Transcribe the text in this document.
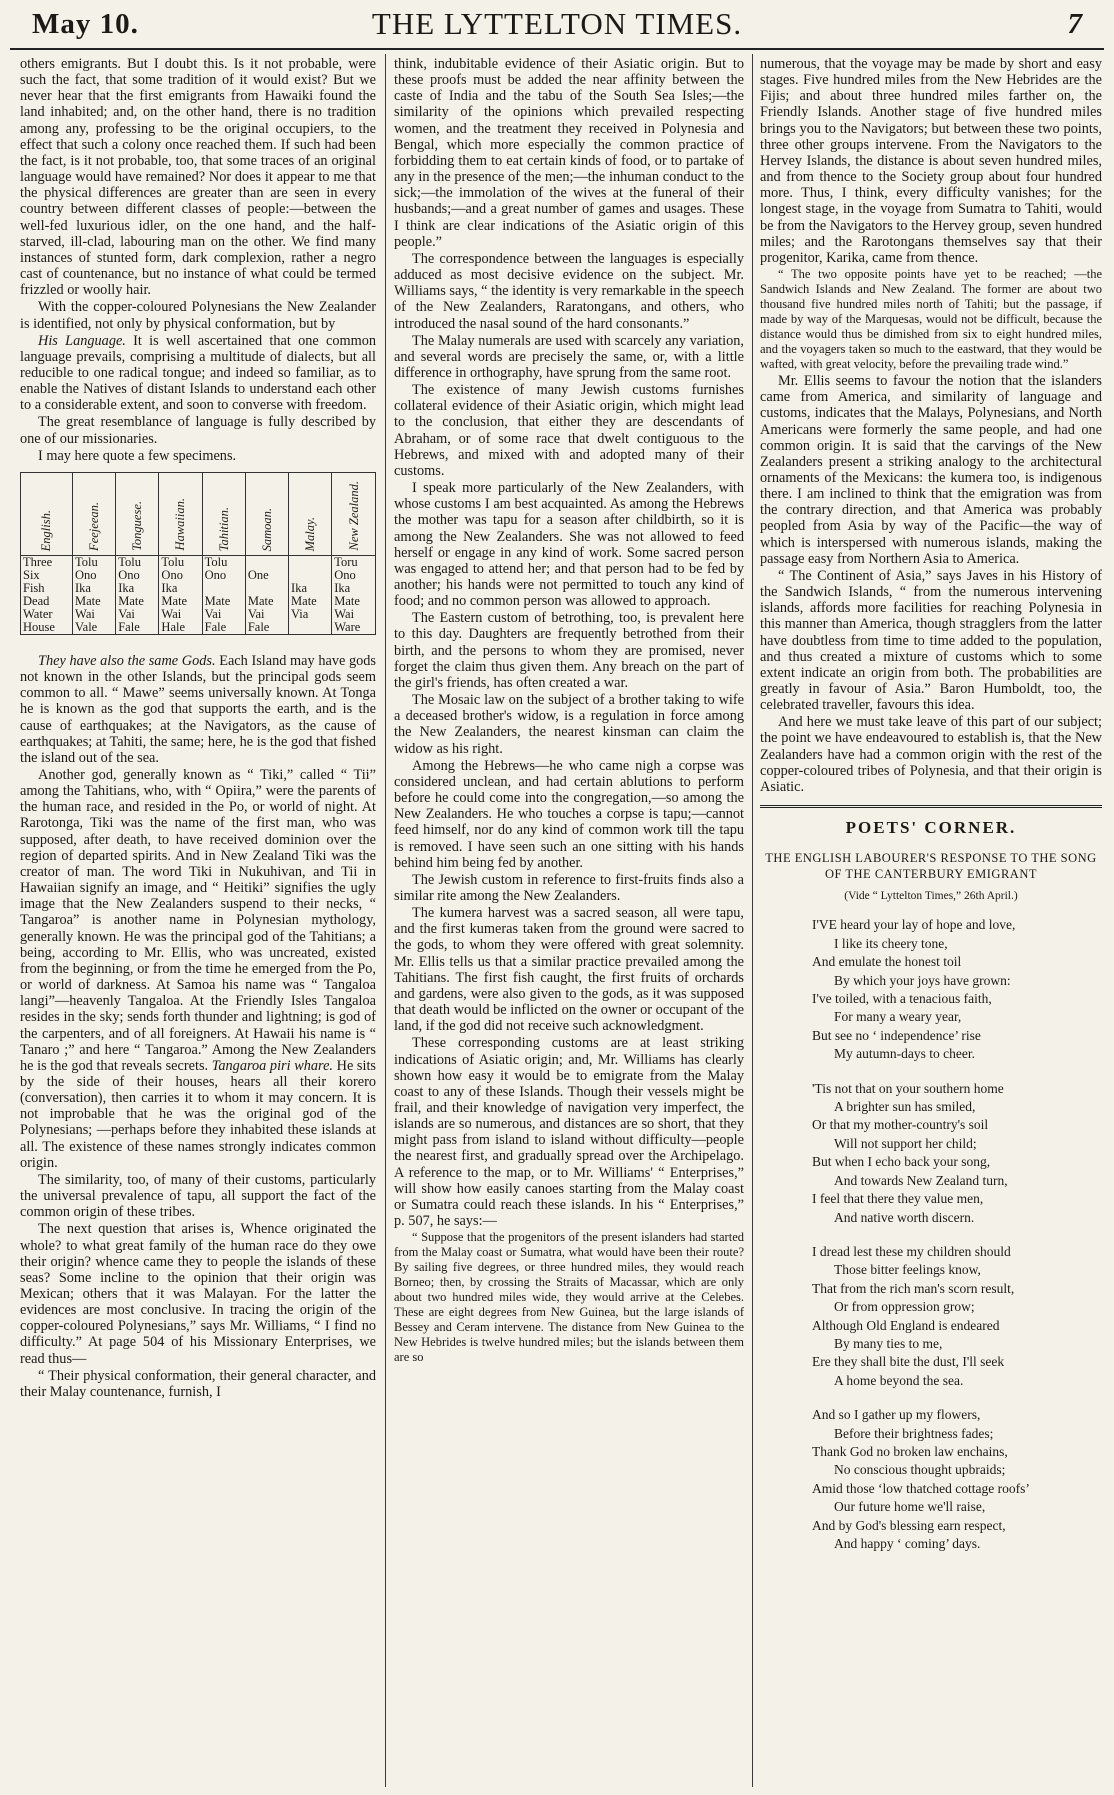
May 10.	THE LYTTELTON TIMES.	7

others emigrants. But I doubt this. Is it not probable, were such the fact, that some tradition of it would exist? But we never hear that the first emigrants from Hawaiki found the land inhabited; and, on the other hand, there is no tradition among any, professing to be the original occupiers, to the effect that such a colony once reached them. If such had been the fact, is it not probable, too, that some traces of an original language would have remained? Nor does it appear to me that the physical differences are greater than are seen in every country between different classes of people:—between the well-fed luxurious idler, on the one hand, and the half-starved, ill-clad, labouring man on the other. We find many instances of stunted form, dark complexion, rather a negro cast of countenance, but no instance of what could be termed frizzled or woolly hair.

With the copper-coloured Polynesians the New Zealander is identified, not only by physical conformation, but by

His Language. It is well ascertained that one common language prevails, comprising a multitude of dialects, but all reducible to one radical tongue; and indeed so familiar, as to enable the Natives of distant Islands to understand each other to a considerable extent, and soon to converse with freedom.

The great resemblance of language is fully described by one of our missionaries.

I may here quote a few specimens.

English.	Feejeean.	Tonguese.	Hawaiian.	Tahitian.	Samoan.	Malay.	New Zealand.

Three	Tolu	Tolu	Tolu	Tolu			Toru
Six	Ono	Ono	Ono	Ono	One		Ono
Fish	Ika	Ika	Ika			Ika	Ika
Dead	Mate	Mate	Mate	Mate	Mate	Mate	Mate
Water	Wai	Vai	Wai	Vai	Vai	Via	Wai
House	Vale	Fale	Hale	Fale	Fale		Ware

They have also the same Gods. Each Island may have gods not known in the other Islands, but the principal gods seem common to all. “ Mawe” seems universally known. At Tonga he is known as the god that supports the earth, and is the cause of earthquakes; at the Navigators, as the cause of earthquakes; at Tahiti, the same; here, he is the god that fished the island out of the sea.

Another god, generally known as “ Tiki,” called “ Tii” among the Tahitians, who, with “ Opiira,” were the parents of the human race, and resided in the Po, or world of night. At Rarotonga, Tiki was the name of the first man, who was supposed, after death, to have received dominion over the region of departed spirits. And in New Zealand Tiki was the creator of man. The word Tiki in Nukuhivan, and Tii in Hawaiian signify an image, and “ Heitiki” signifies the ugly image that the New Zealanders suspend to their necks, “ Tangaroa” is another name in Polynesian mythology, generally known. He was the principal god of the Tahitians; a being, according to Mr. Ellis, who was uncreated, existed from the beginning, or from the time he emerged from the Po, or world of darkness. At Samoa his name was “ Tangaloa langi”—heavenly Tangaloa. At the Friendly Isles Tangaloa resides in the sky; sends forth thunder and lightning; is god of the carpenters, and of all foreigners. At Hawaii his name is “ Tanaro ;” and here “ Tangaroa.” Among the New Zealanders he is the god that reveals secrets. Tangaroa piri whare. He sits by the side of their houses, hears all their korero (conversation), then carries it to whom it may concern. It is not improbable that he was the original god of the Polynesians; —perhaps before they inhabited these islands at all. The existence of these names strongly indicates common origin.

The similarity, too, of many of their customs, particularly the universal prevalence of tapu, all support the fact of the common origin of these tribes.

The next question that arises is, Whence originated the whole? to what great family of the human race do they owe their origin? whence came they to people the islands of these seas? Some incline to the opinion that their origin was Mexican; others that it was Malayan. For the latter the evidences are most conclusive. In tracing the origin of the copper-coloured Polynesians,” says Mr. Williams, “ I find no difficulty.” At page 504 of his Missionary Enterprises, we read thus—

“ Their physical conformation, their general character, and their Malay countenance, furnish, I

think, indubitable evidence of their Asiatic origin. But to these proofs must be added the near affinity between the caste of India and the tabu of the South Sea Isles;—the similarity of the opinions which prevailed respecting women, and the treatment they received in Polynesia and Bengal, which more especially the common practice of forbidding them to eat certain kinds of food, or to partake of any in the presence of the men;—the inhuman conduct to the sick;—the immolation of the wives at the funeral of their husbands;—and a great number of games and usages. These I think are clear indications of the Asiatic origin of this people.”

The correspondence between the languages is especially adduced as most decisive evidence on the subject. Mr. Williams says, “ the identity is very remarkable in the speech of the New Zealanders, Raratongans, and others, who introduced the nasal sound of the hard consonants.”

The Malay numerals are used with scarcely any variation, and several words are precisely the same, or, with a little difference in orthography, have sprung from the same root.

The existence of many Jewish customs furnishes collateral evidence of their Asiatic origin, which might lead to the conclusion, that either they are descendants of Abraham, or of some race that dwelt contiguous to the Hebrews, and mixed with and adopted many of their customs.

I speak more particularly of the New Zealanders, with whose customs I am best acquainted. As among the Hebrews the mother was tapu for a season after childbirth, so it is among the New Zealanders. She was not allowed to feed herself or engage in any kind of work. Some sacred person was engaged to attend her; and that person had to be fed by another; his hands were not permitted to touch any kind of food; and no common person was allowed to approach.

The Eastern custom of betrothing, too, is prevalent here to this day. Daughters are frequently betrothed from their birth, and the persons to whom they are promised, never forget the claim thus given them. Any breach on the part of the girl's friends, has often created a war.

The Mosaic law on the subject of a brother taking to wife a deceased brother's widow, is a regulation in force among the New Zealanders, the nearest kinsman can claim the widow as his right.

Among the Hebrews—he who came nigh a corpse was considered unclean, and had certain ablutions to perform before he could come into the congregation,—so among the New Zealanders. He who touches a corpse is tapu;—cannot feed himself, nor do any kind of common work till the tapu is removed. I have seen such an one sitting with his hands behind him being fed by another.

The Jewish custom in reference to first-fruits finds also a similar rite among the New Zealanders.

The kumera harvest was a sacred season, all were tapu, and the first kumeras taken from the ground were sacred to the gods, to whom they were offered with great solemnity. Mr. Ellis tells us that a similar practice prevailed among the Tahitians. The first fish caught, the first fruits of orchards and gardens, were also given to the gods, as it was supposed that death would be inflicted on the owner or occupant of the land, if the god did not receive such acknowledgment.

These corresponding customs are at least striking indications of Asiatic origin; and, Mr. Williams has clearly shown how easy it would be to emigrate from the Malay coast to any of these Islands. Though their vessels might be frail, and their knowledge of navigation very imperfect, the islands are so numerous, and distances are so short, that they might pass from island to island without difficulty—people the nearest first, and gradually spread over the Archipelago. A reference to the map, or to Mr. Williams' “ Enterprises,” will show how easily canoes starting from the Malay coast or Sumatra could reach these islands. In his “ Enterprises,” p. 507, he says:—

“ Suppose that the progenitors of the present islanders had started from the Malay coast or Sumatra, what would have been their route? By sailing five degrees, or three hundred miles, they would reach Borneo; then, by crossing the Straits of Macassar, which are only about two hundred miles wide, they would arrive at the Celebes. These are eight degrees from New Guinea, but the large islands of Bessey and Ceram intervene. The distance from New Guinea to the New Hebrides is twelve hundred miles; but the islands between them are so

numerous, that the voyage may be made by short and easy stages. Five hundred miles from the New Hebrides are the Fijis; and about three hundred miles farther on, the Friendly Islands. Another stage of five hundred miles brings you to the Navigators; but between these two points, three other groups intervene. From the Navigators to the Hervey Islands, the distance is about seven hundred miles, and from thence to the Society group about four hundred more. Thus, I think, every difficulty vanishes; for the longest stage, in the voyage from Sumatra to Tahiti, would be from the Navigators to the Hervey group, seven hundred miles; and the Rarotongans themselves say that their progenitor, Karika, came from thence.

“ The two opposite points have yet to be reached; —the Sandwich Islands and New Zealand. The former are about two thousand five hundred miles north of Tahiti; but the passage, if made by way of the Marquesas, would not be difficult, because the distance would thus be dimished from six to eight hundred miles, and the voyagers taken so much to the eastward, that they would be wafted, with great velocity, before the prevailing trade wind.”

Mr. Ellis seems to favour the notion that the islanders came from America, and similarity of language and customs, indicates that the Malays, Polynesians, and North Americans were formerly the same people, and had one common origin. It is said that the carvings of the New Zealanders present a striking analogy to the architectural ornaments of the Mexicans: the kumera too, is indigenous there. I am inclined to think that the emigration was from the contrary direction, and that America was probably peopled from Asia by way of the Pacific—the way of which is interspersed with numerous islands, making the passage easy from Northern Asia to America.

“ The Continent of Asia,” says Javes in his History of the Sandwich Islands, “ from the numerous intervening islands, affords more facilities for reaching Polynesia in this manner than America, though stragglers from the latter have doubtless from time to time added to the population, and thus created a mixture of customs which to some extent indicate an origin from both. The probabilities are greatly in favour of Asia.” Baron Humboldt, too, the celebrated traveller, favours this idea.

And here we must take leave of this part of our subject; the point we have endeavoured to establish is, that the New Zealanders have had a common origin with the rest of the copper-coloured tribes of Polynesia, and that their origin is Asiatic.

POETS' CORNER.
THE ENGLISH LABOURER'S RESPONSE TO THE SONG OF THE CANTERBURY EMIGRANT
(Vide “ Lyttelton Times,” 26th April.)
I'VE heard your lay of hope and love,
I like its cheery tone,
And emulate the honest toil
By which your joys have grown:
I've toiled, with a tenacious faith,
For many a weary year,
But see no ‘ independence’ rise
My autumn-days to cheer.
'Tis not that on your southern home
A brighter sun has smiled,
Or that my mother-country's soil
Will not support her child;
But when I echo back your song,
And towards New Zealand turn,
I feel that there they value men,
And native worth discern.
I dread lest these my children should
Those bitter feelings know,
That from the rich man's scorn result,
Or from oppression grow;
Although Old England is endeared
By many ties to me,
Ere they shall bite the dust, I'll seek
A home beyond the sea.
And so I gather up my flowers,
Before their brightness fades;
Thank God no broken law enchains,
No conscious thought upbraids;
Amid those ‘low thatched cottage roofs’
Our future home we'll raise,
And by God's blessing earn respect,
And happy ‘ coming’ days.
